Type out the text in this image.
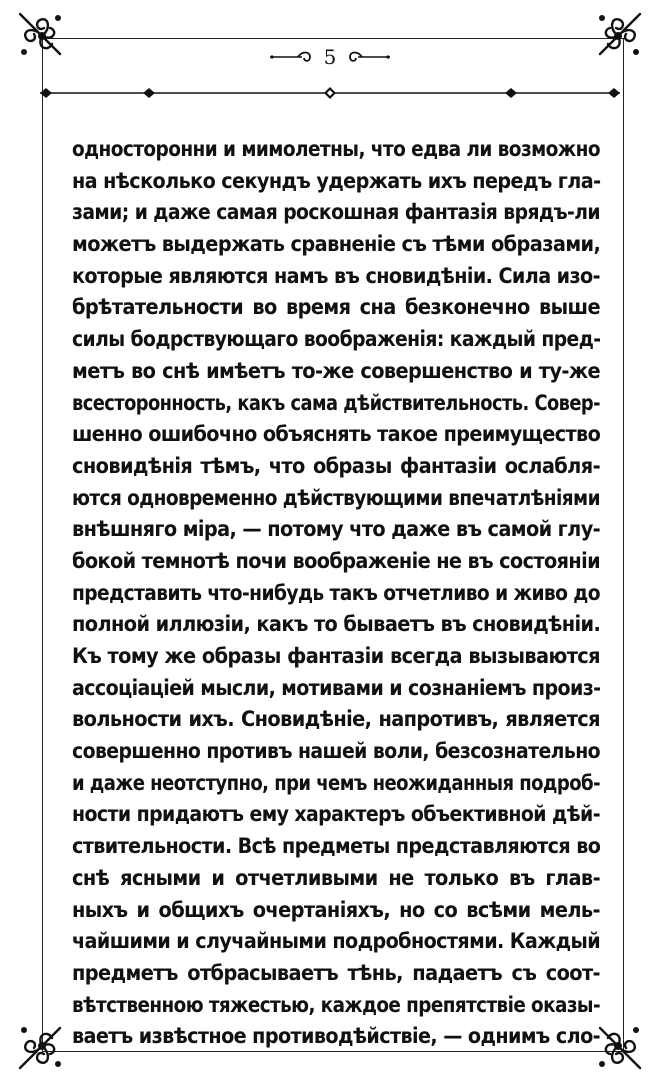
5
односторонни и мимолетны, что едва ли возможно
на нѣсколько секундъ удержать ихъ передъ гла-
зами; и даже самая роскошная фантазія врядъ-ли
можетъ выдержать сравненіе съ тѣми образами,
которые являются намъ въ сновидѣніи. Сила изо-
брѣтательности во время сна безконечно выше
силы бодрствующаго воображенія: каждый пред-
метъ во снѣ имѣетъ то-же совершенство и ту-же
всесторонность, какъ сама дѣйствительность. Совер-
шенно ошибочно объяснять такое преимущество
сновидѣнія тѣмъ, что образы фантазіи ослабля-
ются одновременно дѣйствующими впечатлѣніями
внѣшняго міра, — потому что даже въ самой глу-
бокой темнотѣ почи воображеніе не въ состояніи
представить что-нибудь такъ отчетливо и живо до
полной иллюзіи, какъ то бываетъ въ сновидѣніи.
Къ тому же образы фантазіи всегда вызываются
ассоціаціей мысли, мотивами и сознаніемъ произ-
вольности ихъ. Сновидѣніе, напротивъ, является
совершенно противъ нашей воли, безсознательно
и даже неотступно, при чемъ неожиданныя подроб-
ности придаютъ ему характеръ объективной дѣй-
ствительности. Всѣ предметы представляются во
снѣ ясными и отчетливыми не только въ глав-
ныхъ и общихъ очертаніяхъ, но со всѣми мель-
чайшими и случайными подробностями. Каждый
предметъ отбрасываетъ тѣнь, падаетъ съ соот-
вѣтственною тяжестью, каждое препятствіе оказы-
ваетъ извѣстное противодѣйствіе, — однимъ сло-
